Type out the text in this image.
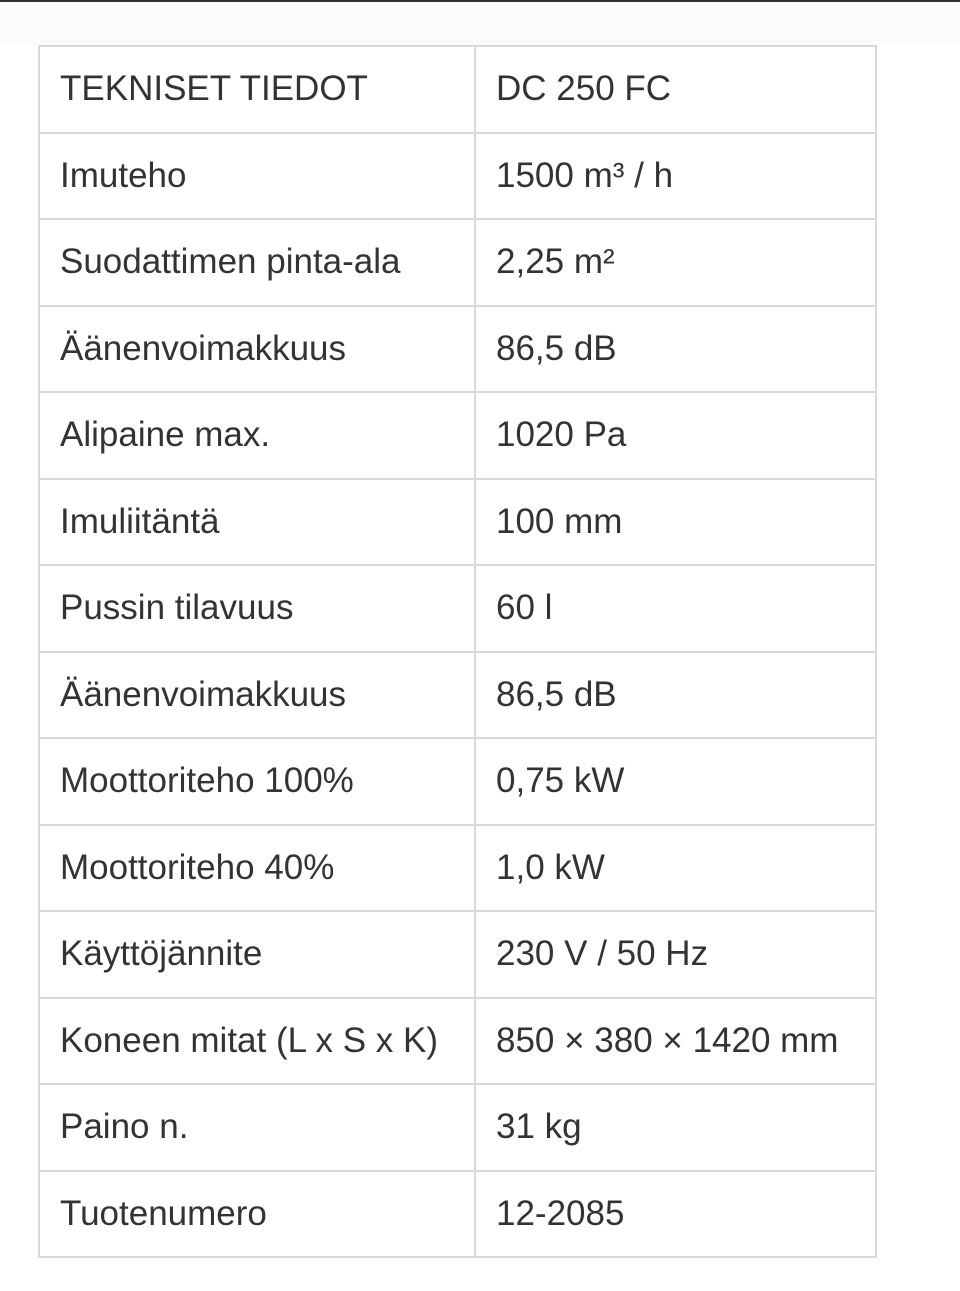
TEKNISET TIEDOT	DC 250 FC
Imuteho	1500 m³ / h
Suodattimen pinta-ala	2,25 m²
Äänenvoimakkuus	86,5 dB
Alipaine max.	1020 Pa
Imuliitäntä	100 mm
Pussin tilavuus	60 l
Äänenvoimakkuus	86,5 dB
Moottoriteho 100%	0,75 kW
Moottoriteho 40%	1,0 kW
Käyttöjännite	230 V / 50 Hz
Koneen mitat (L x S x K)	850 × 380 × 1420 mm
Paino n.	31 kg
Tuotenumero	12-2085
